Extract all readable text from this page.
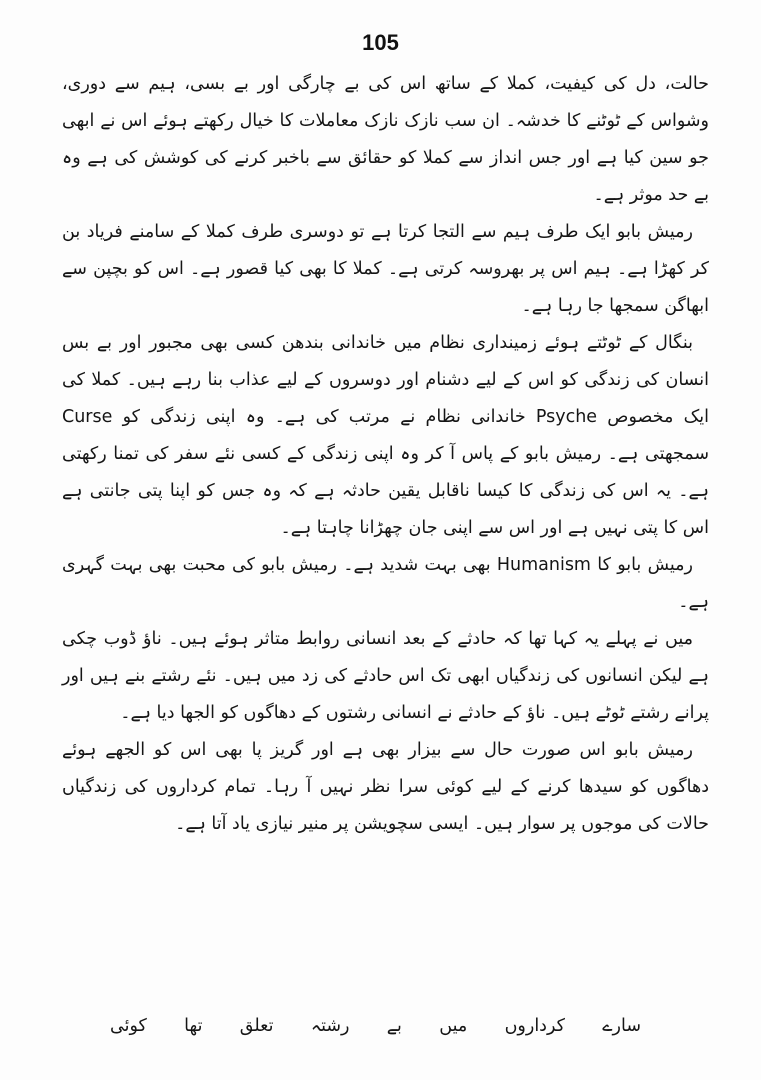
105

حالت، دل کی کیفیت، کملا کے ساتھ اس کی بے چارگی اور بے بسی، ہیم سے دوری، وشواس کے ٹوٹنے کا خدشہ۔ ان سب نازک نازک معاملات کا خیال رکھتے ہوئے اس نے ابھی جو سین کیا ہے اور جس انداز سے کملا کو حقائق سے باخبر کرنے کی کوشش کی ہے وہ بے حد موثر ہے۔

رمیش بابو ایک طرف ہیم سے التجا کرتا ہے تو دوسری طرف کملا کے سامنے فریاد بن کر کھڑا ہے۔ ہیم اس پر بھروسہ کرتی ہے۔ کملا کا بھی کیا قصور ہے۔ اس کو بچپن سے ابھاگن سمجھا جا رہا ہے۔

بنگال کے ٹوٹتے ہوئے زمینداری نظام میں خاندانی بندھن کسی بھی مجبور اور بے بس انسان کی زندگی کو اس کے لیے دشنام اور دوسروں کے لیے عذاب بنا رہے ہیں۔ کملا کی ایک مخصوص Psyche خاندانی نظام نے مرتب کی ہے۔ وہ اپنی زندگی کو Curse سمجھتی ہے۔ رمیش بابو کے پاس آ کر وہ اپنی زندگی کے کسی نئے سفر کی تمنا رکھتی ہے۔ یہ اس کی زندگی کا کیسا ناقابل یقین حادثہ ہے کہ وہ جس کو اپنا پتی جانتی ہے اس کا پتی نہیں ہے اور اس سے اپنی جان چھڑانا چاہتا ہے۔

رمیش بابو کا Humanism بھی بہت شدید ہے۔ رمیش بابو کی محبت بھی بہت گہری ہے۔

میں نے پہلے یہ کہا تھا کہ حادثے کے بعد انسانی روابط متاثر ہوئے ہیں۔ ناؤ ڈوب چکی ہے لیکن انسانوں کی زندگیاں ابھی تک اس حادثے کی زد میں ہیں۔ نئے رشتے بنے ہیں اور پرانے رشتے ٹوٹے ہیں۔ ناؤ کے حادثے نے انسانی رشتوں کے دھاگوں کو الجھا دیا ہے۔

رمیش بابو اس صورت حال سے بیزار بھی ہے اور گریز پا بھی اس کو الجھے ہوئے دھاگوں کو سیدھا کرنے کے لیے کوئی سرا نظر نہیں آ رہا۔ تمام کرداروں کی زندگیاں حالات کی موجوں پر سوار ہیں۔ ایسی سچویشن پر منیر نیازی یاد آتا ہے۔

سارے
کرداروں
میں
بے
رشتہ
تعلق
تھا
کوئی
